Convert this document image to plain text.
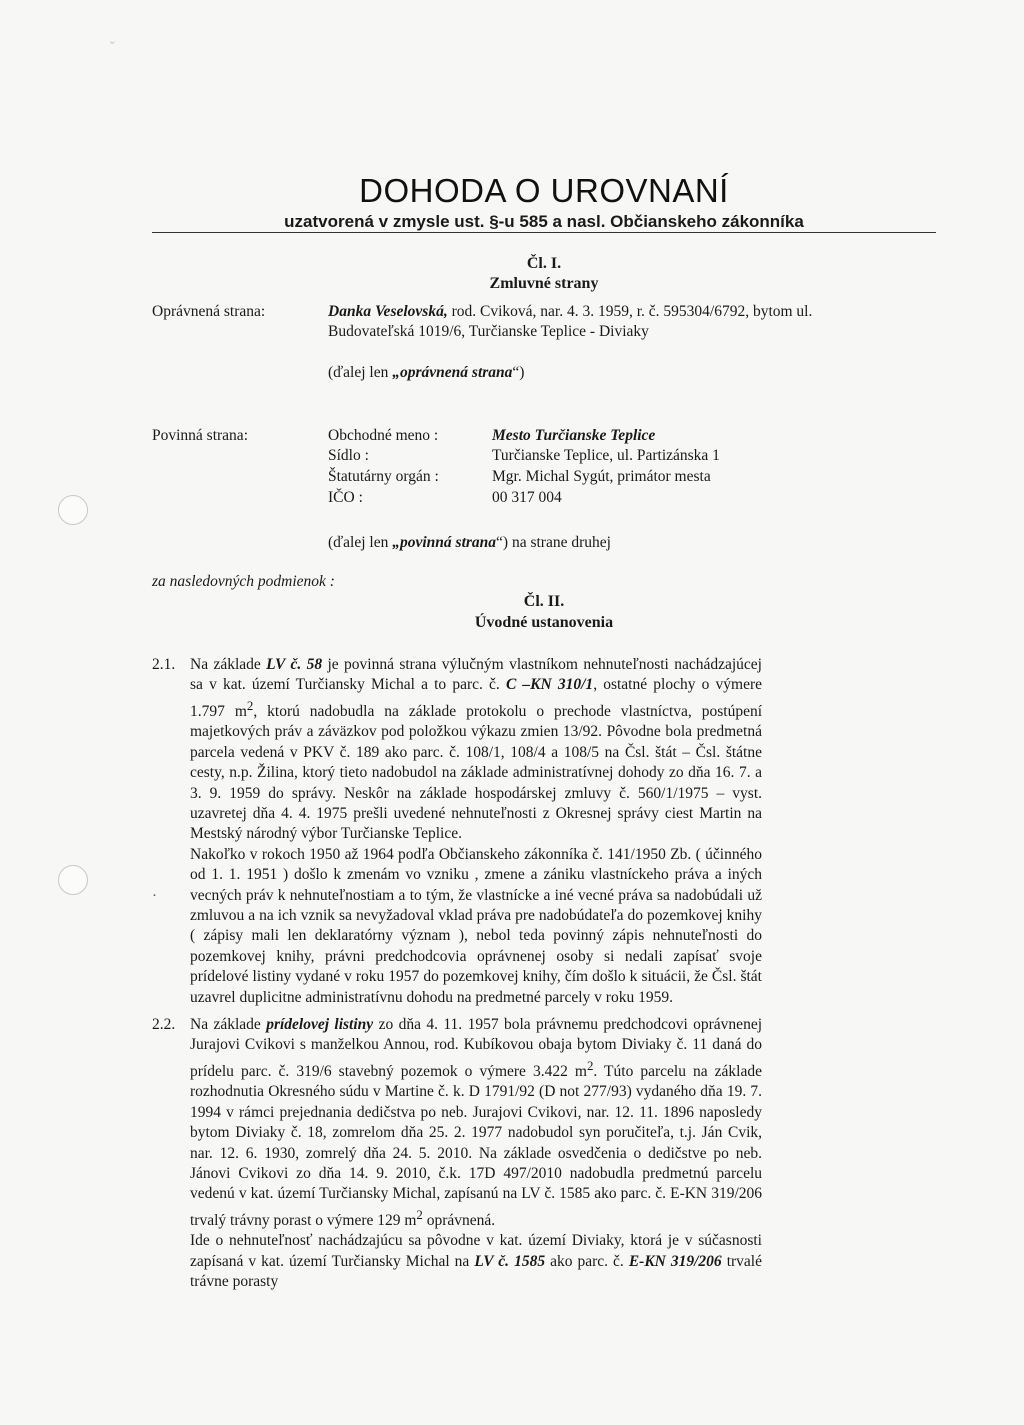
ˇ
·
DOHODA O UROVNANÍ
uzatvorená v zmysle ust. §-u 585 a nasl. Občianskeho zákonníka
Čl. I.
Zmluvné strany
Oprávnená strana:	Danka Veselovská, rod. Cviková, nar. 4. 3. 1959, r. č. 595304/6792, bytom ul.
Budovateľská 1019/6, Turčianske Teplice - Diviaky
(ďalej len „oprávnená strana“)
Povinná strana:	Obchodné meno :	Mesto Turčianske Teplice
Sídlo :	Turčianske Teplice, ul. Partizánska 1
Štatutárny orgán :	Mgr. Michal Sygút, primátor mesta
IČO :	00 317 004
(ďalej len „povinná strana“) na strane druhej
za nasledovných podmienok :
Čl. II.
Úvodné ustanovenia
2.1. Na základe LV č. 58 je povinná strana výlučným vlastníkom nehnuteľnosti nachádzajúcej sa v kat. území Turčiansky Michal a to parc. č. C –KN 310/1, ostatné plochy o výmere 1.797 $m^2$, ktorú nadobudla na základe protokolu o prechode vlastníctva, postúpení majetkových práv a záväzkov pod položkou výkazu zmien 13/92. Pôvodne bola predmetná parcela vedená v PKV č. 189 ako parc. č. 108/1, 108/4 a 108/5 na Čsl. štát – Čsl. štátne cesty, n.p. Žilina, ktorý tieto nadobudol na základe administratívnej dohody zo dňa 16. 7. a 3. 9. 1959 do správy. Neskôr na základe hospodárskej zmluvy č. 560/1/1975 – vyst. uzavretej dňa 4. 4. 1975 prešli uvedené nehnuteľnosti z Okresnej správy ciest Martin na Mestský národný výbor Turčianske Teplice.

Nakoľko v rokoch 1950 až 1964 podľa Občianskeho zákonníka č. 141/1950 Zb. ( účinného od 1. 1. 1951 ) došlo k zmenám vo vzniku , zmene a zániku vlastníckeho práva a iných vecných práv k nehnuteľnostiam a to tým, že vlastnícke a iné vecné práva sa nadobúdali už zmluvou a na ich vznik sa nevyžadoval vklad práva pre nadobúdateľa do pozemkovej knihy ( zápisy mali len deklaratórny význam ), nebol teda povinný zápis nehnuteľnosti do pozemkovej knihy, právni predchodcovia oprávnenej osoby si nedali zapísať svoje prídelové listiny vydané v roku 1957 do pozemkovej knihy, čím došlo k situácii, že Čsl. štát uzavrel duplicitne administratívnu dohodu na predmetné parcely v roku 1959.

2.2. Na základe prídelovej listiny zo dňa 4. 11. 1957 bola právnemu predchodcovi oprávnenej Jurajovi Cvikovi s manželkou Annou, rod. Kubíkovou obaja bytom Diviaky č. 11 daná do prídelu parc. č. 319/6 stavebný pozemok o výmere 3.422 $m^2$. Túto parcelu na základe rozhodnutia Okresného súdu v Martine č. k. D 1791/92 (D not 277/93) vydaného dňa 19. 7. 1994 v rámci prejednania dedičstva po neb. Jurajovi Cvikovi, nar. 12. 11. 1896 naposledy bytom Diviaky č. 18, zomrelom dňa 25. 2. 1977 nadobudol syn poručiteľa, t.j. Ján Cvik, nar. 12. 6. 1930, zomrelý dňa 24. 5. 2010. Na základe osvedčenia o dedičstve po neb. Jánovi Cvikovi zo dňa 14. 9. 2010, č.k. 17D 497/2010 nadobudla predmetnú parcelu vedenú v kat. území Turčiansky Michal, zapísanú na LV č. 1585 ako parc. č. E-KN 319/206 trvalý trávny porast o výmere 129 $m^2$ oprávnená.

Ide o nehnuteľnosť nachádzajúcu sa pôvodne v kat. území Diviaky, ktorá je v súčasnosti zapísaná v kat. území Turčiansky Michal na LV č. 1585 ako parc. č. E-KN 319/206 trvalé trávne porasty
